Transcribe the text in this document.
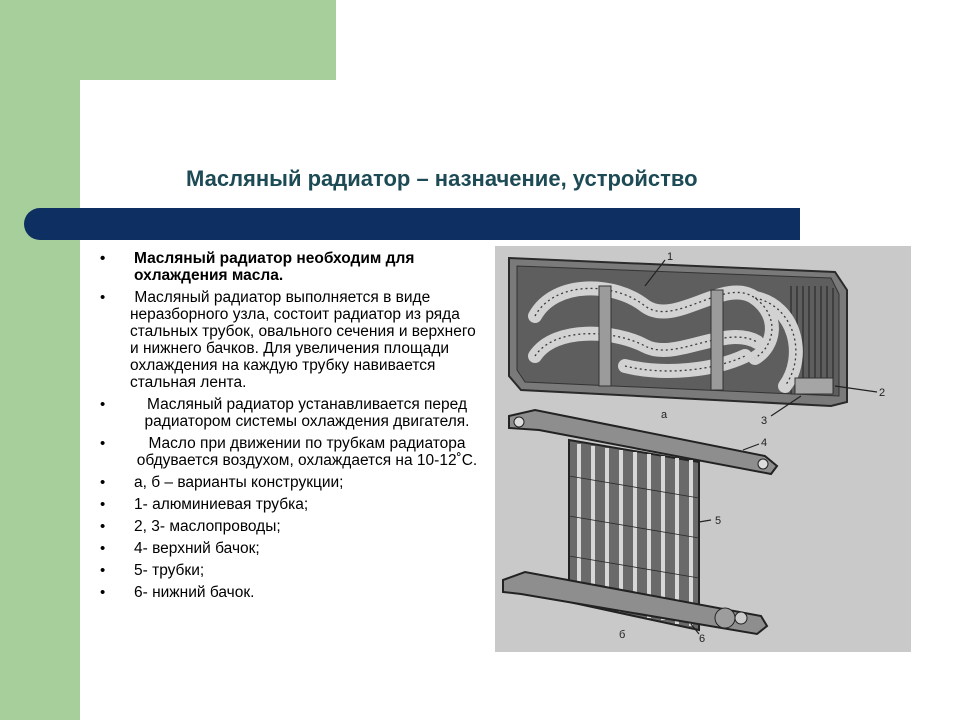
Масляный радиатор – назначение, устройство
• Масляный радиатор необходим для охлаждения масла.
• Масляный радиатор выполняется в виде неразборного узла, состоит радиатор из ряда стальных трубок, овального сечения и верхнего и нижнего бачков. Для увеличения площади охлаждения на каждую трубку навивается стальная лента.
•	Масляный радиатор устанавливается перед радиатором системы охлаждения двигателя.
•	Масло при движении по трубкам радиатора обдувается воздухом, охлаждается на 10-12˚С.
• а, б – варианты конструкции;
• 1- алюминиевая трубка;
• 2, 3- маслопроводы;
• 4- верхний бачок;
• 5- трубки;
• 6- нижний бачок.
1
2
3
а
4
5
6
б
